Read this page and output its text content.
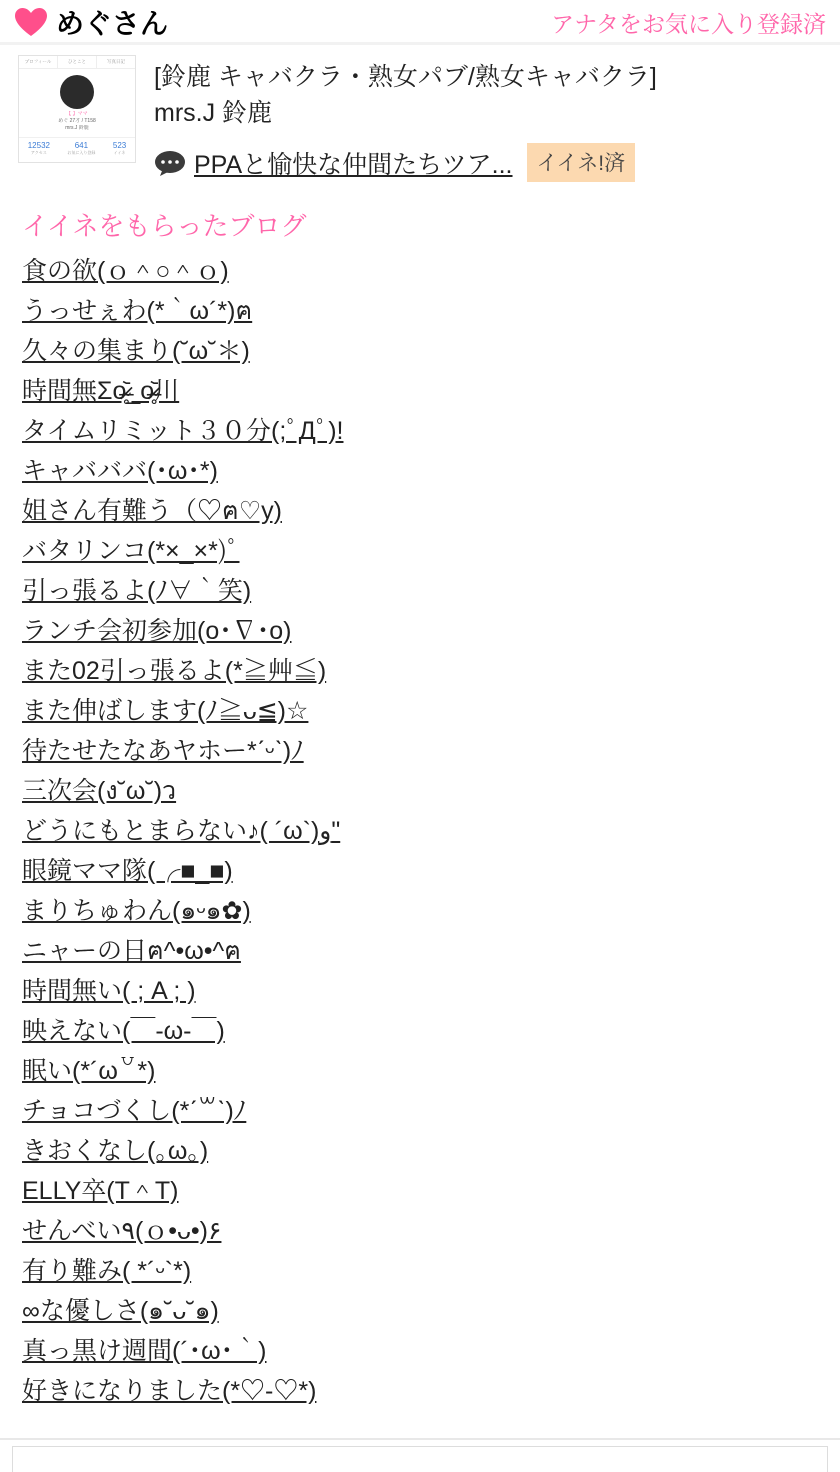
めぐさん	アナタをお気に入り登録済
プロフィール	ひとこと	写真日記
【 】ママ
めぐ 27才 / T158
mrs.J 鈴鹿
12532
アクセス
641
お気に入り登録
523
イイネ
[鈴鹿 キャバクラ・熟女パブ/熟女キャバクラ]
mrs.J 鈴鹿
PPAと愉快な仲間たちツア...	イイネ!済
イイネをもらったブログ
食の欲(ｏ＾○＾ｏ)
うっせぇわ(*｀ω´*)ฅ
久々の集まり(˘ω˘＊)
時間無Σo̴̶̷̥᷅_o̴̶̷̥᷅川
タイムリミット３０分(;ﾟДﾟ)!
キャバババ(･ω･*)
姐さん有難う（♡ฅ♡y)
バタリンコ(*×_×*)ﾟ
引っ張るよ(ﾉ∀｀笑)
ランチ会初参加(o･∇･o)
また02引っ張るよ(*≧艸≦)
また伸ばします(ﾉ≧ᴗ≦)☆
待たせたなあヤホー*ˊᵕˋ)ﾉ
三次会(ง˘ω˘)ว
どうにもとまらない♪( ´ω`)و"
眼鏡ママ隊(╭■_■)
まりちゅわん(๑ᵕ๑✿)
ニャーの日ฅ^•ω•^ฅ
時間無い( ; A ; )
映えない(￣-ω-￣)
眠い(*´ω꒵*)
チョコづくし(*ˊ꒳ˋ)ﾉ
きおくなし(｡ω｡)
ELLY卒(T＾T)
せんべい٩(ｏ•ᴗ•)۶
有り難み( *´ᵕ`*)
∞な優しさ(๑˘ᴗ˘๑)
真っ黒け週間(´･ω･｀)
好きになりました(*♡-♡*)
